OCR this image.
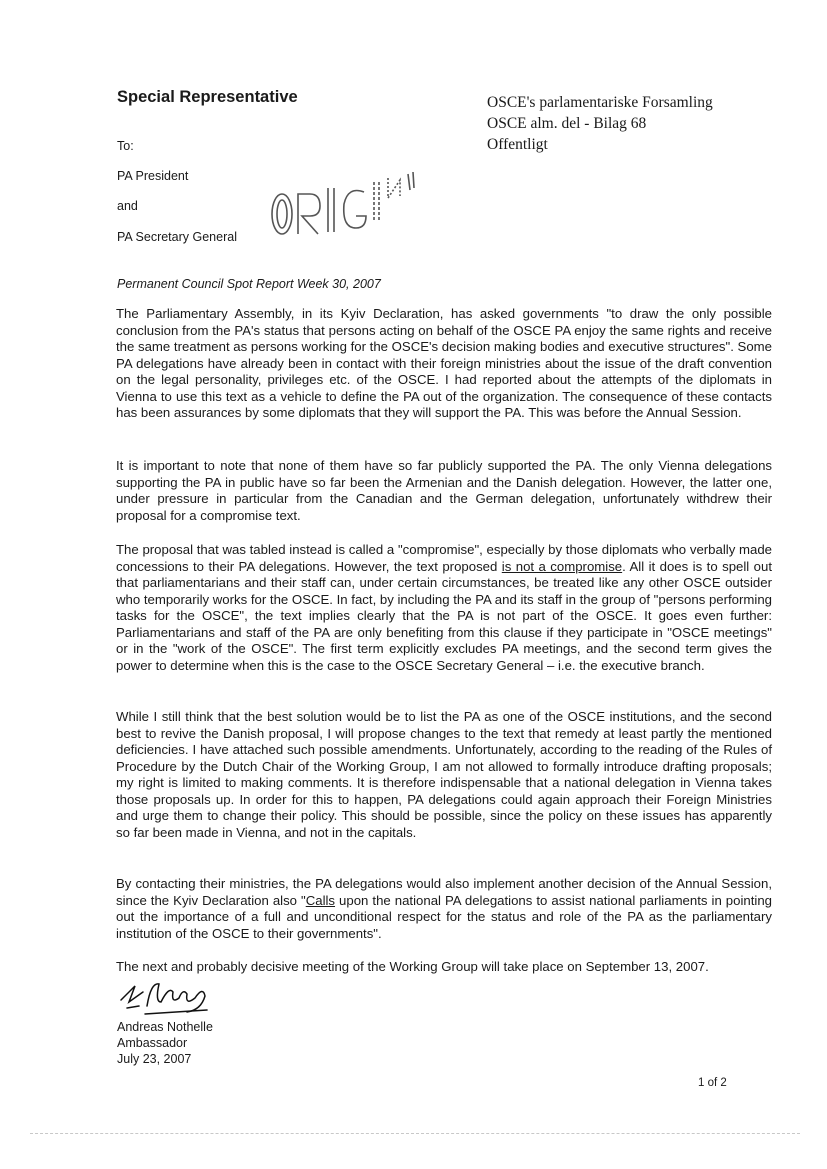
Special Representative	OSCE's parlamentariske Forsamling
OSCE alm. del - Bilag 68
Offentligt
To:
PA President
and
PA Secretary General
Permanent Council Spot Report Week 30, 2007

The Parliamentary Assembly, in its Kyiv Declaration, has asked governments "to draw the only possible conclusion from the PA's status that persons acting on behalf of the OSCE PA enjoy the same rights and receive the same treatment as persons working for the OSCE's decision making bodies and executive structures". Some PA delegations have already been in contact with their foreign ministries about the issue of the draft convention on the legal personality, privileges etc. of the OSCE. I had reported about the attempts of the diplomats in Vienna to use this text as a vehicle to define the PA out of the organization. The consequence of these contacts has been assurances by some diplomats that they will support the PA. This was before the Annual Session.

It is important to note that none of them have so far publicly supported the PA. The only Vienna delegations supporting the PA in public have so far been the Armenian and the Danish delegation. However, the latter one, under pressure in particular from the Canadian and the German delegation, unfortunately withdrew their proposal for a compromise text.

The proposal that was tabled instead is called a "compromise", especially by those diplomats who verbally made concessions to their PA delegations. However, the text proposed is not a compromise. All it does is to spell out that parliamentarians and their staff can, under certain circumstances, be treated like any other OSCE outsider who temporarily works for the OSCE. In fact, by including the PA and its staff in the group of "persons performing tasks for the OSCE", the text implies clearly that the PA is not part of the OSCE. It goes even further: Parliamentarians and staff of the PA are only benefiting from this clause if they participate in "OSCE meetings" or in the "work of the OSCE". The first term explicitly excludes PA meetings, and the second term gives the power to determine when this is the case to the OSCE Secretary General – i.e. the executive branch.

While I still think that the best solution would be to list the PA as one of the OSCE institutions, and the second best to revive the Danish proposal, I will propose changes to the text that remedy at least partly the mentioned deficiencies. I have attached such possible amendments. Unfortunately, according to the reading of the Rules of Procedure by the Dutch Chair of the Working Group, I am not allowed to formally introduce drafting proposals; my right is limited to making comments. It is therefore indispensable that a national delegation in Vienna takes those proposals up. In order for this to happen, PA delegations could again approach their Foreign Ministries and urge them to change their policy. This should be possible, since the policy on these issues has apparently so far been made in Vienna, and not in the capitals.

By contacting their ministries, the PA delegations would also implement another decision of the Annual Session, since the Kyiv Declaration also "Calls upon the national PA delegations to assist national parliaments in pointing out the importance of a full and unconditional respect for the status and role of the PA as the parliamentary institution of the OSCE to their governments".

The next and probably decisive meeting of the Working Group will take place on September 13, 2007.

Andreas Nothelle
Ambassador
July 23, 2007
1 of 2
